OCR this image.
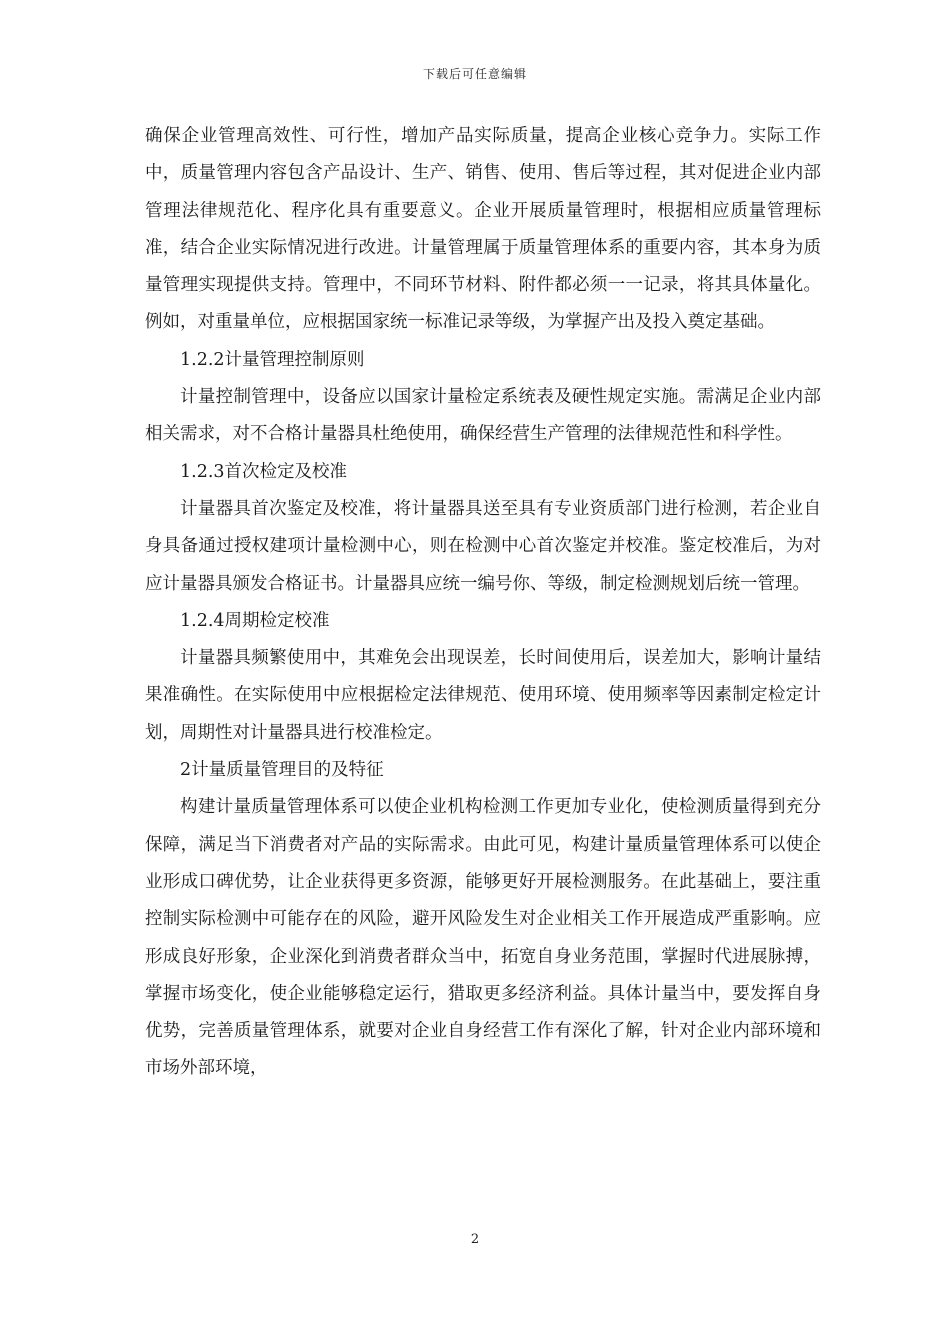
下载后可任意编辑

确保企业管理高效性、可行性，增加产品实际质量，提高企业核心竞争力。实际工作中，质量管理内容包含产品设计、生产、销售、使用、售后等过程，其对促进企业内部管理法律规范化、程序化具有重要意义。企业开展质量管理时，根据相应质量管理标准，结合企业实际情况进行改进。计量管理属于质量管理体系的重要内容，其本身为质量管理实现提供支持。管理中，不同环节材料、附件都必须一一记录，将其具体量化。例如，对重量单位，应根据国家统一标准记录等级，为掌握产出及投入奠定基础。

1.2.2计量管理控制原则

计量控制管理中，设备应以国家计量检定系统表及硬性规定实施。需满足企业内部相关需求，对不合格计量器具杜绝使用，确保经营生产管理的法律规范性和科学性。

1.2.3首次检定及校准

计量器具首次鉴定及校准，将计量器具送至具有专业资质部门进行检测，若企业自身具备通过授权建项计量检测中心，则在检测中心首次鉴定并校准。鉴定校准后，为对应计量器具颁发合格证书。计量器具应统一编号你、等级，制定检测规划后统一管理。

1.2.4周期检定校准

计量器具频繁使用中，其难免会出现误差，长时间使用后，误差加大，影响计量结果准确性。在实际使用中应根据检定法律规范、使用环境、使用频率等因素制定检定计划，周期性对计量器具进行校准检定。

2计量质量管理目的及特征

构建计量质量管理体系可以使企业机构检测工作更加专业化，使检测质量得到充分保障，满足当下消费者对产品的实际需求。由此可见，构建计量质量管理体系可以使企业形成口碑优势，让企业获得更多资源，能够更好开展检测服务。在此基础上，要注重控制实际检测中可能存在的风险，避开风险发生对企业相关工作开展造成严重影响。应形成良好形象，企业深化到消费者群众当中，拓宽自身业务范围，掌握时代进展脉搏，掌握市场变化，使企业能够稳定运行，猎取更多经济利益。具体计量当中，要发挥自身优势，完善质量管理体系，就要对企业自身经营工作有深化了解，针对企业内部环境和市场外部环境，

2
